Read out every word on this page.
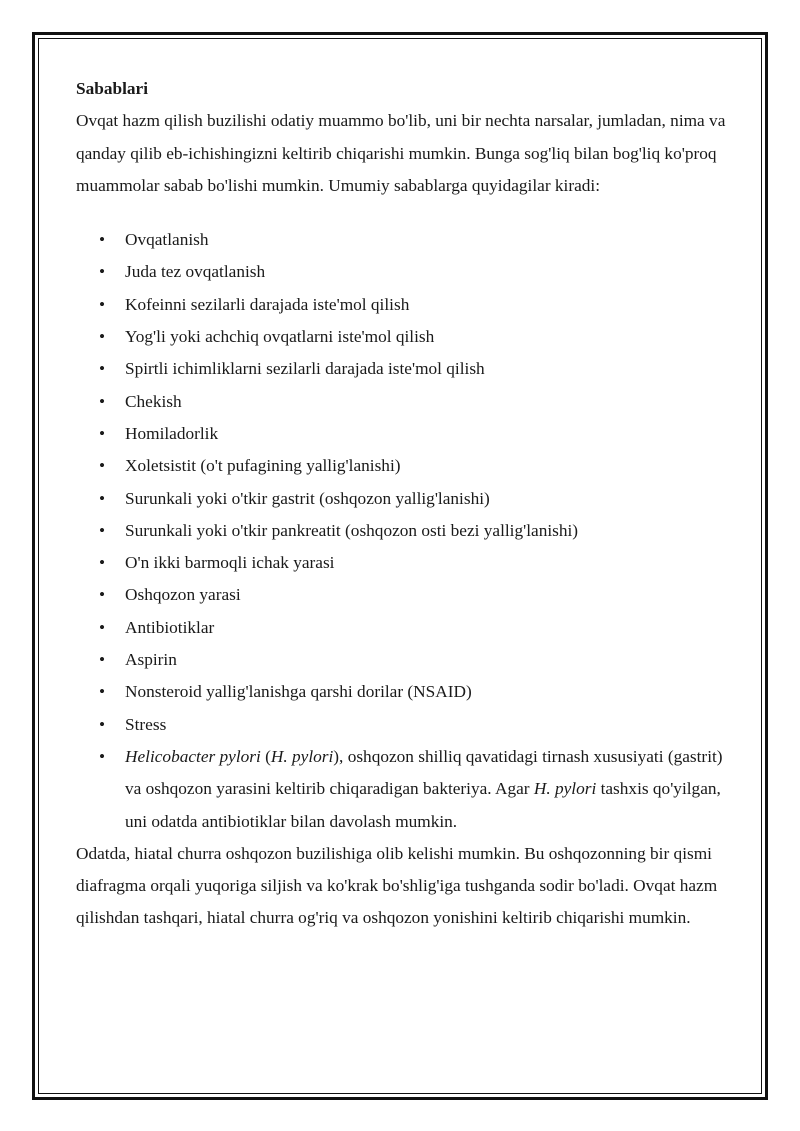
Sabablari

Ovqat hazm qilish buzilishi odatiy muammo bo'lib, uni bir nechta narsalar, jumladan, nima va qanday qilib eb-ichishingizni keltirib chiqarishi mumkin. Bunga sog'liq bilan bog'liq ko'proq muammolar sabab bo'lishi mumkin. Umumiy sabablarga quyidagilar kiradi:

• Ovqatlanish
• Juda tez ovqatlanish
• Kofeinni sezilarli darajada iste'mol qilish
• Yog'li yoki achchiq ovqatlarni iste'mol qilish
• Spirtli ichimliklarni sezilarli darajada iste'mol qilish
• Chekish
• Homiladorlik
• Xoletsistit (o't pufagining yallig'lanishi)
• Surunkali yoki o'tkir gastrit (oshqozon yallig'lanishi)
• Surunkali yoki o'tkir pankreatit (oshqozon osti bezi yallig'lanishi)
• O'n ikki barmoqli ichak yarasi
• Oshqozon yarasi
• Antibiotiklar
• Aspirin
• Nonsteroid yallig'lanishga qarshi dorilar (NSAID)
• Stress
• Helicobacter pylori (H. pylori), oshqozon shilliq qavatidagi tirnash xususiyati (gastrit) va oshqozon yarasini keltirib chiqaradigan bakteriya. Agar H. pylori tashxis qo'yilgan, uni odatda antibiotiklar bilan davolash mumkin.

Odatda, hiatal churra oshqozon buzilishiga olib kelishi mumkin. Bu oshqozonning bir qismi diafragma orqali yuqoriga siljish va ko'krak bo'shlig'iga tushganda sodir bo'ladi. Ovqat hazm qilishdan tashqari, hiatal churra og'riq va oshqozon yonishini keltirib chiqarishi mumkin.
